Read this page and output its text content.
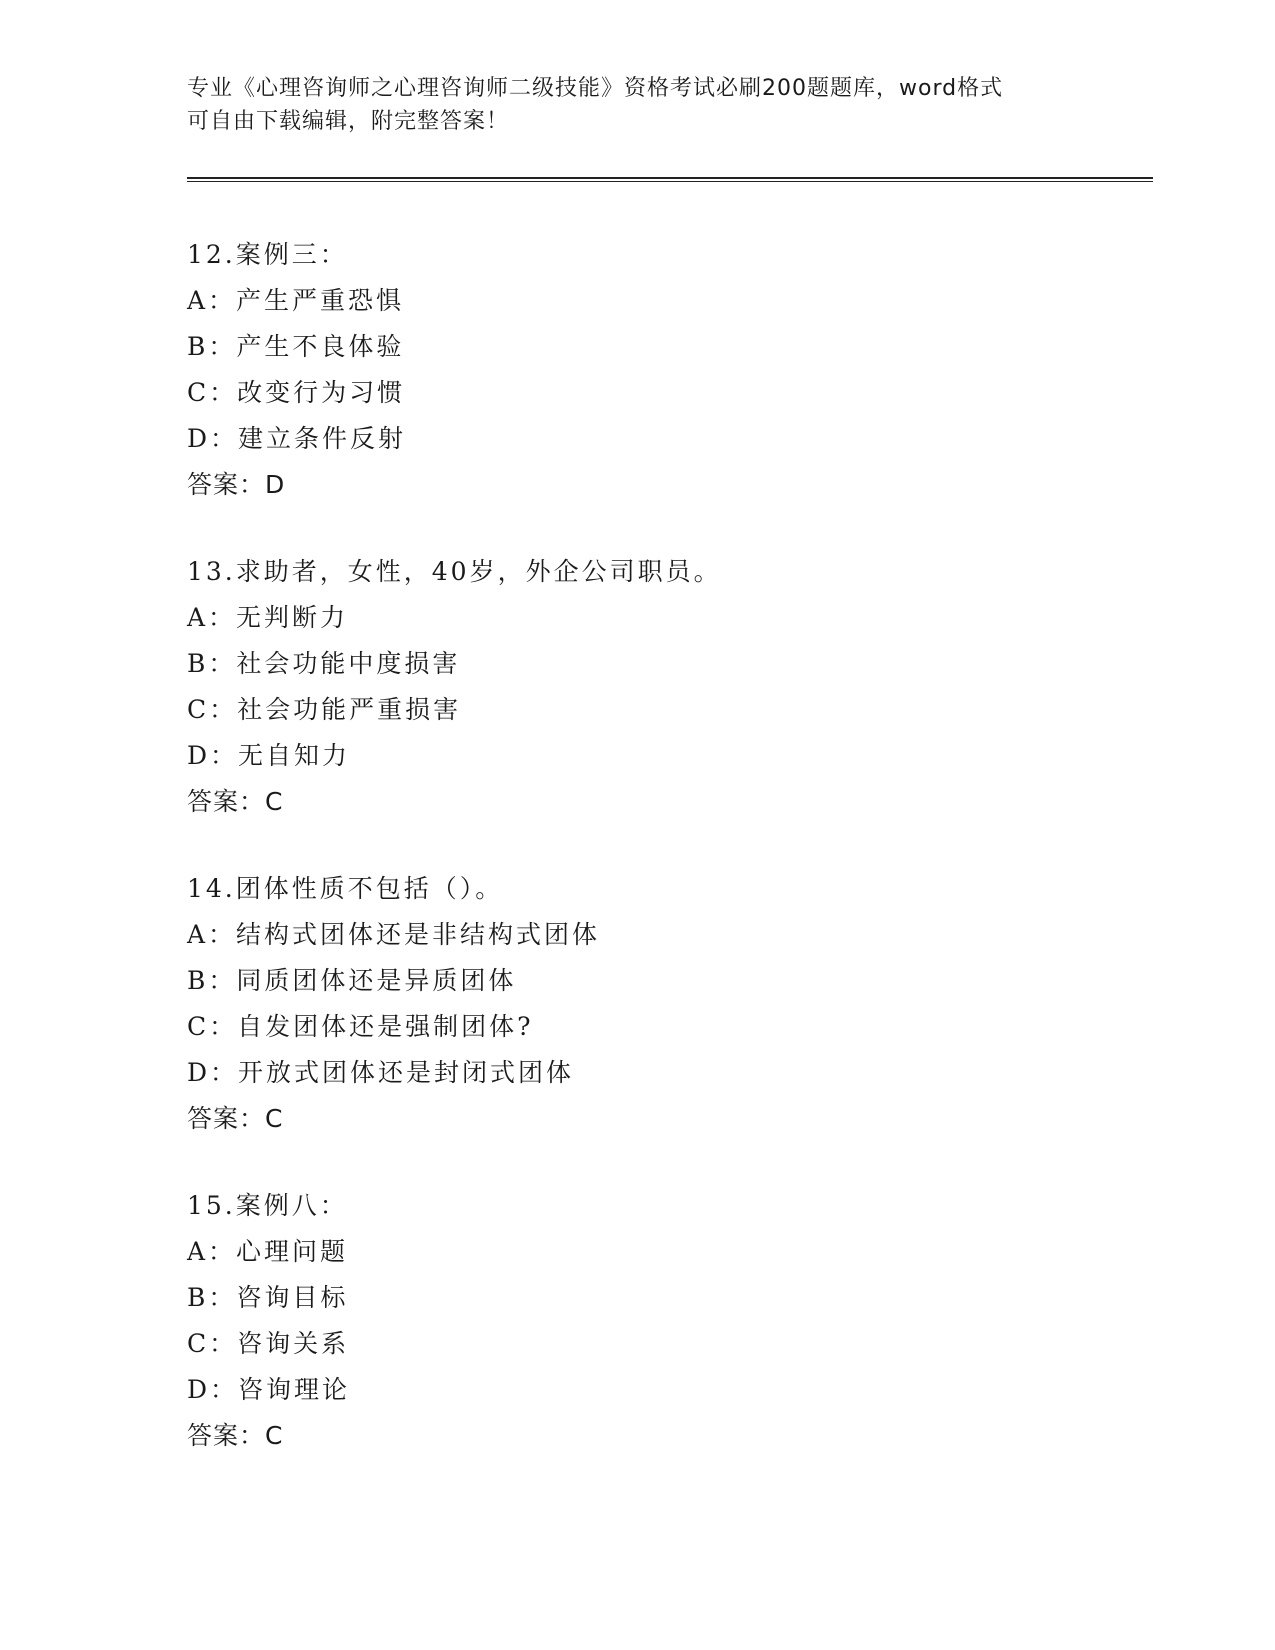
专业《心理咨询师之心理咨询师二级技能》资格考试必刷200题题库，word格式
可自由下载编辑，附完整答案！
12.案例三：
A：产生严重恐惧
B：产生不良体验
C：改变行为习惯
D：建立条件反射
答案：D
13.求助者，女性，40岁，外企公司职员。
A：无判断力
B：社会功能中度损害
C：社会功能严重损害
D：无自知力
答案：C
14.团体性质不包括（）。
A：结构式团体还是非结构式团体
B：同质团体还是异质团体
C：自发团体还是强制团体?
D：开放式团体还是封闭式团体
答案：C
15.案例八：
A：心理问题
B：咨询目标
C：咨询关系
D：咨询理论
答案：C
